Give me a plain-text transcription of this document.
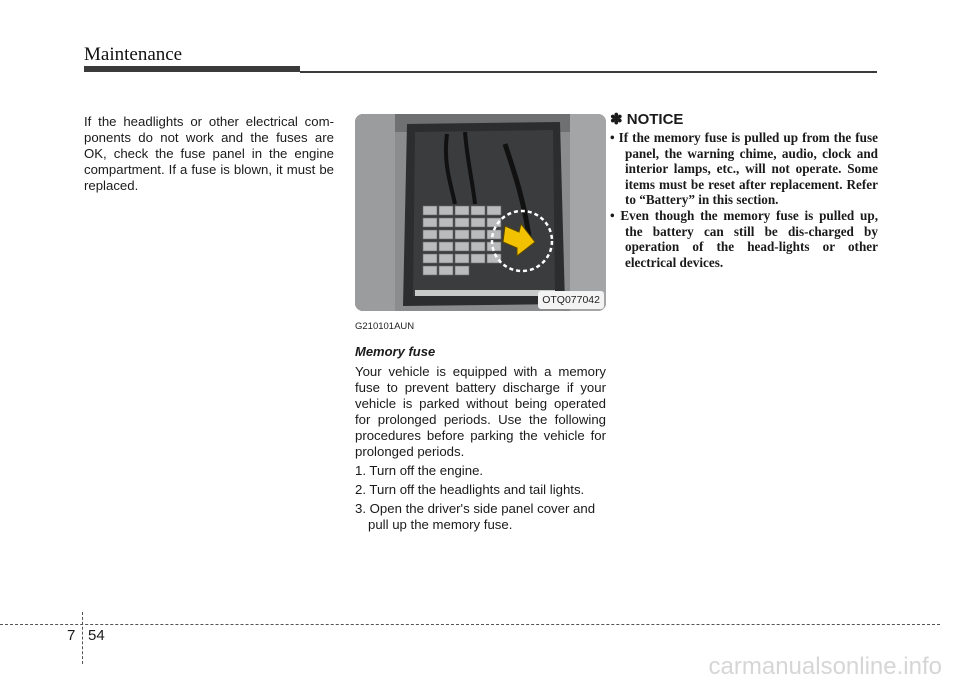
Maintenance
If the headlights or other electrical com-ponents do not work and the fuses are OK, check the fuse panel in the engine compartment. If a fuse is blown, it must be replaced.
OTQ077042
G210101AUN
Memory fuse
Your vehicle is equipped with a memory fuse to prevent battery discharge if your vehicle is parked without being operated for prolonged periods. Use the following procedures before parking the vehicle for prolonged periods.
1. Turn off the engine.
2. Turn off the headlights and tail lights.
3. Open the driver's side panel cover and pull up the memory fuse.
✽ NOTICE
• If the memory fuse is pulled up from the fuse panel, the warning chime, audio, clock and interior lamps, etc., will not operate. Some items must be reset after replacement. Refer to “Battery” in this section.
• Even though the memory fuse is pulled up, the battery can still be dis-charged by operation of the head-lights or other electrical devices.
7 54
carmanualsonline.info
